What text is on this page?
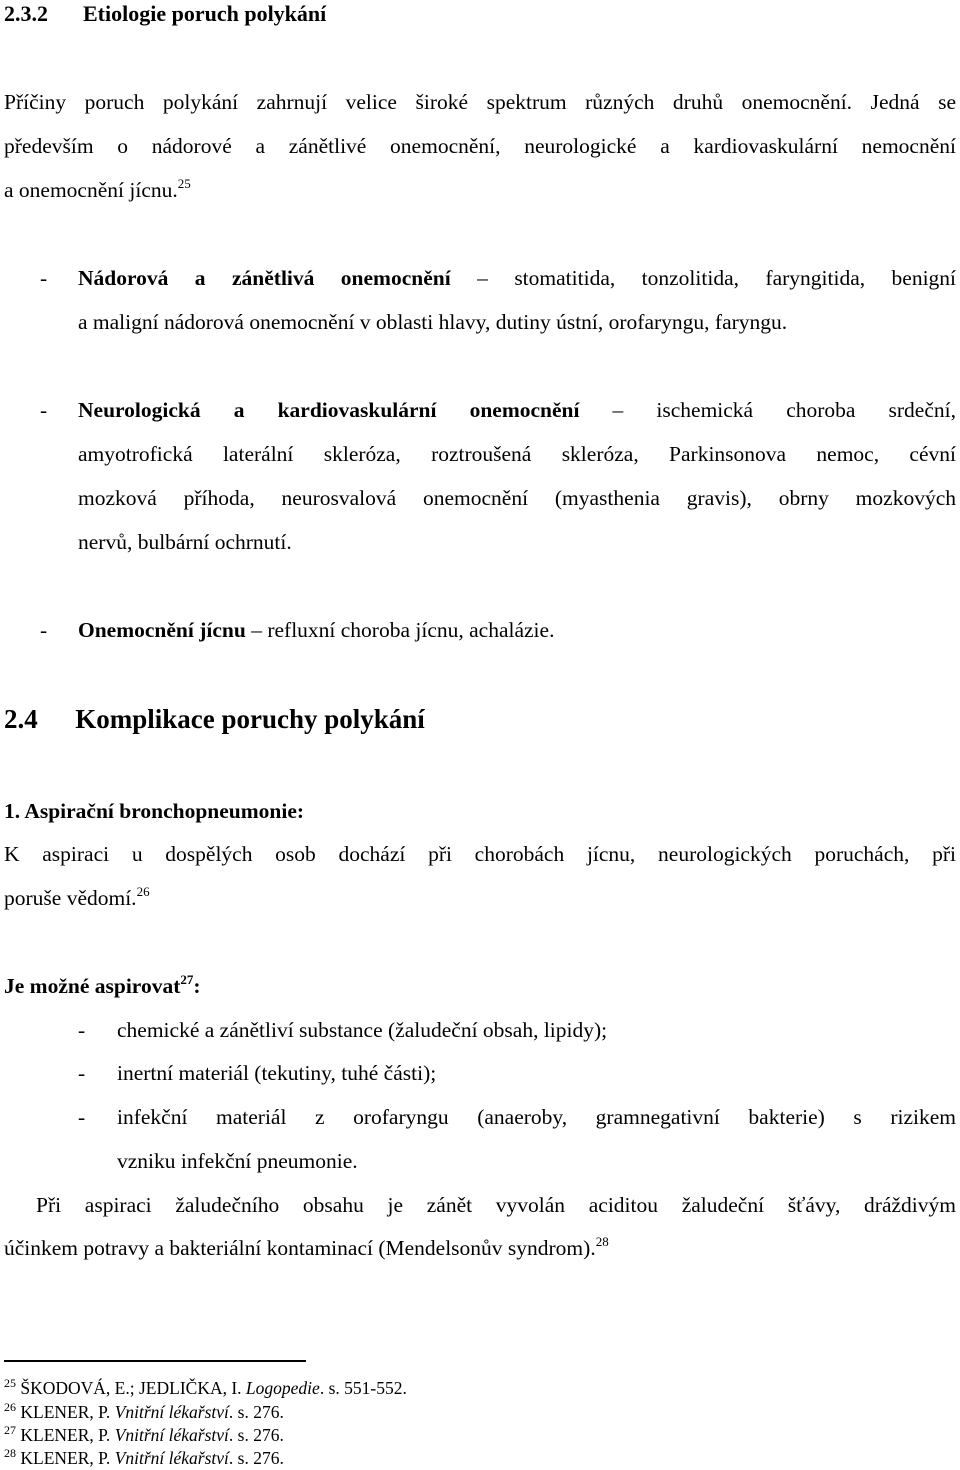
2.3.2 Etiologie poruch polykání
Příčiny poruch polykání zahrnují velice široké spektrum různých druhů onemocnění. Jedná se
především o nádorové a zánětlivé onemocnění, neurologické a kardiovaskulární nemocnění
a onemocnění jícnu.$^{25}$
- Nádorová a zánětlivá onemocnění – stomatitida, tonzolitida, faryngitida, benigní
a maligní nádorová onemocnění v oblasti hlavy, dutiny ústní, orofaryngu, faryngu.
- Neurologická a kardiovaskulární onemocnění – ischemická choroba srdeční,
amyotrofická laterální skleróza, roztroušená skleróza, Parkinsonova nemoc, cévní
mozková příhoda, neurosvalová onemocnění (myasthenia gravis), obrny mozkových
nervů, bulbární ochrnutí.
- Onemocnění jícnu – refluxní choroba jícnu, achalázie.
2.4 Komplikace poruchy polykání
1. Aspirační bronchopneumonie:
K aspiraci u dospělých osob dochází při chorobách jícnu, neurologických poruchách, při
poruše vědomí.$^{26}$
Je možné aspirovat$^{27}$:
- chemické a zánětliví substance (žaludeční obsah, lipidy);
- inertní materiál (tekutiny, tuhé části);
- infekční materiál z orofaryngu (anaeroby, gramnegativní bakterie) s rizikem
vzniku infekční pneumonie.
Při aspiraci žaludečního obsahu je zánět vyvolán aciditou žaludeční šťávy, dráždivým
účinkem potravy a bakteriální kontaminací (Mendelsonův syndrom).$^{28}$
$^{25}$ ŠKODOVÁ, E.; JEDLIČKA, I. Logopedie. s. 551-552.
$^{26}$ KLENER, P. Vnitřní lékařství. s. 276.
$^{27}$ KLENER, P. Vnitřní lékařství. s. 276.
$^{28}$ KLENER, P. Vnitřní lékařství. s. 276.
